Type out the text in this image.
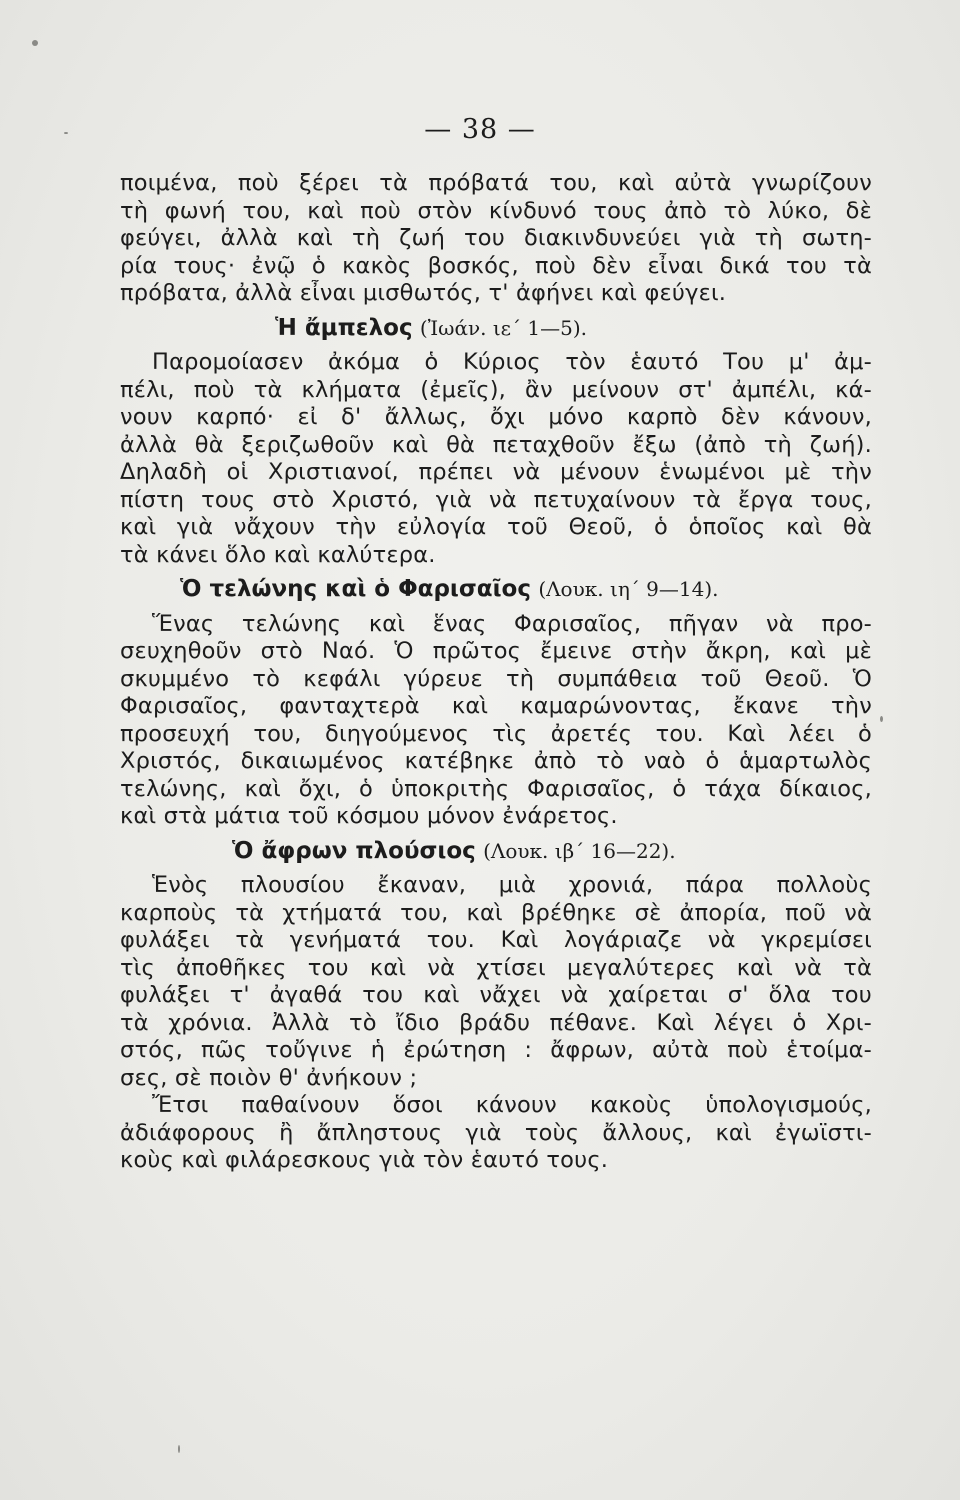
— 38 —
ποιμένα, ποὺ ξέρει τὰ πρόβατά του, καὶ αὐτὰ γνωρίζουν
τὴ φωνή του, καὶ ποὺ στὸν κίνδυνό τους ἀπὸ τὸ λύκο, δὲ
φεύγει, ἀλλὰ καὶ τὴ ζωή του διακινδυνεύει γιὰ τὴ σωτη-
ρία τους· ἐνῷ ὁ κακὸς βοσκός, ποὺ δὲν εἶναι δικά του τὰ
πρόβατα, ἀλλὰ εἶναι μισθωτός, τ' ἀφήνει καὶ φεύγει.
Ἡ ἄμπελος (Ἰωάν. ιε΄ 1—5).
Παρομοίασεν ἀκόμα ὁ Κύριος τὸν ἑαυτό Του μ' ἀμ-
πέλι, ποὺ τὰ κλήματα (ἐμεῖς), ἂν μείνουν στ' ἀμπέλι, κά-
νουν καρπό· εἰ δ' ἄλλως, ὄχι μόνο καρπὸ δὲν κάνουν,
ἀλλὰ θὰ ξεριζωθοῦν καὶ θὰ πεταχθοῦν ἔξω (ἀπὸ τὴ ζωή).
Δηλαδὴ οἱ Χριστιανοί, πρέπει νὰ μένουν ἑνωμένοι μὲ τὴν
πίστη τους στὸ Χριστό, γιὰ νὰ πετυχαίνουν τὰ ἔργα τους,
καὶ γιὰ νἄχουν τὴν εὐλογία τοῦ Θεοῦ, ὁ ὁποῖος καὶ θὰ
τὰ κάνει ὅλο καὶ καλύτερα.
Ὁ τελώνης καὶ ὁ Φαρισαῖος (Λουκ. ιη΄ 9—14).
Ἕνας τελώνης καὶ ἕνας Φαρισαῖος, πῆγαν νὰ προ-
σευχηθοῦν στὸ Ναό. Ὁ πρῶτος ἔμεινε στὴν ἄκρη, καὶ μὲ
σκυμμένο τὸ κεφάλι γύρευε τὴ συμπάθεια τοῦ Θεοῦ. Ὁ
Φαρισαῖος, φανταχτερὰ καὶ καμαρώνοντας, ἔκανε τὴν
προσευχή του, διηγούμενος τὶς ἀρετές του. Καὶ λέει ὁ
Χριστός, δικαιωμένος κατέβηκε ἀπὸ τὸ ναὸ ὁ ἁμαρτωλὸς
τελώνης, καὶ ὄχι, ὁ ὑποκριτὴς Φαρισαῖος, ὁ τάχα δίκαιος,
καὶ στὰ μάτια τοῦ κόσμου μόνον ἐνάρετος.
Ὁ ἄφρων πλούσιος (Λουκ. ιβ΄ 16—22).
Ἑνὸς πλουσίου ἔκαναν, μιὰ χρονιά, πάρα πολλοὺς
καρποὺς τὰ χτήματά του, καὶ βρέθηκε σὲ ἀπορία, ποῦ νὰ
φυλάξει τὰ γενήματά του. Καὶ λογάριαζε νὰ γκρεμίσει
τὶς ἀποθῆκες του καὶ νὰ χτίσει μεγαλύτερες καὶ νὰ τὰ
φυλάξει τ' ἀγαθά του καὶ νἄχει νὰ χαίρεται σ' ὅλα του
τὰ χρόνια. Ἀλλὰ τὸ ἴδιο βράδυ πέθανε. Καὶ λέγει ὁ Χρι-
στός, πῶς τοὔγινε ἡ ἐρώτηση : ἄφρων, αὐτὰ ποὺ ἑτοίμα-
σες, σὲ ποιὸν θ' ἀνήκουν ;
Ἔτσι παθαίνουν ὅσοι κάνουν κακοὺς ὑπολογισμούς,
ἀδιάφορους ἢ ἄπληστους γιὰ τοὺς ἄλλους, καὶ ἐγωϊστι-
κοὺς καὶ φιλάρεσκους γιὰ τὸν ἑαυτό τους.
